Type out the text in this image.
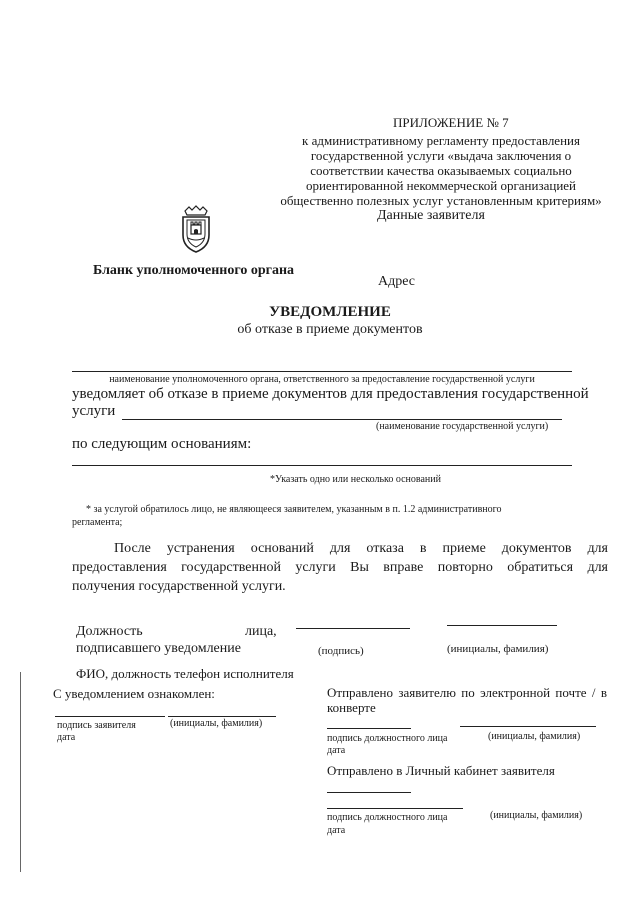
ПРИЛОЖЕНИЕ № 7

к административному регламенту предоставления

государственной услуги «выдача заключения о

соответствии качества оказываемых социально

ориентированной некоммерческой организацией

общественно полезных услуг установленным критериям»

Данные заявителя

Бланк уполномоченного органа

Адрес

УВЕДОМЛЕНИЕ

об отказе в приеме документов

наименование уполномоченного органа, ответственного за предоставление государственной услуги

уведомляет об отказе в приеме документов для предоставления государственной

услуги

(наименование государственной услуги)

по следующим основаниям:

*Указать одно или несколько оснований

* за услугой обратилось лицо, не являющееся заявителем, указанным в п. 1.2 административного

регламента;

После устранения оснований для отказа в приеме документов для

предоставления государственной услуги Вы вправе повторно обратиться для

получения государственной услуги.

Должность	лица,

подписавшего уведомление	(подпись)	(инициалы, фамилия)

ФИО, должность телефон исполнителя

С уведомлением ознакомлен:

подпись заявителя	(инициалы, фамилия)

дата

Отправлено заявителю по электронной почте / в

конверте

подпись должностного лица	(инициалы, фамилия)

дата

Отправлено в Личный кабинет заявителя

подпись должностного лица	(инициалы, фамилия)

дата
